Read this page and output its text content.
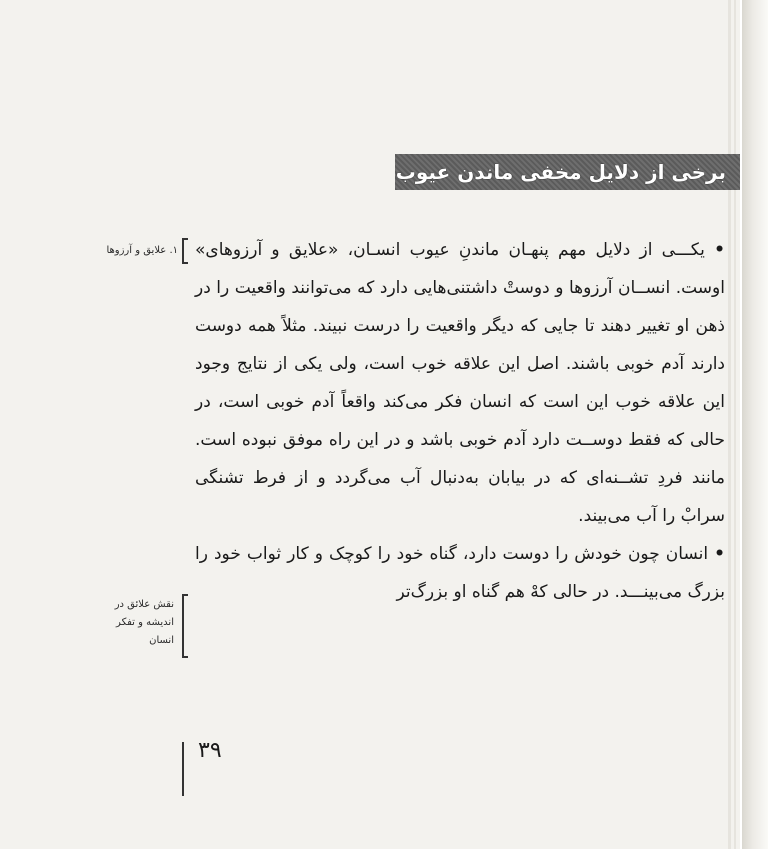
برخی از دلایل مخفی ماندن عیوب
۱. علایق و آرزوها
نقش علائق در اندیشه و تفکر انسان

• یکـــی از دلایل مهم پنهـان ماندنِ عیوب انسـان، «علایق و آرزوهای» اوست. انســان آرزوها و دوستْ داشتنی‌هایی دارد که می‌توانند واقعیت را در ذهن او تغییر دهند تا جایی که دیگر واقعیت را درست نبیند. مثلاً همه دوست دارند آدم خوبی باشند. اصل این علاقه خوب است، ولی یکی از نتایج وجود این علاقه خوب این است که انسان فکر می‌کند واقعاً آدم خوبی است، در حالی که فقط دوســت دارد آدم خوبی باشد و در این راه موفق نبوده است. مانند فردِ تشــنه‌ای که در بیابان به‌دنبال آب می‌گردد و از فرط تشنگی سرابْ را آب می‌بیند.

• انسان چون خودش را دوست دارد، گناه خود را کوچک و کار ثواب خود را بزرگ می‌بینـــد. در حالی کهْ هم گناه او بزرگ‌تر

۳۹
